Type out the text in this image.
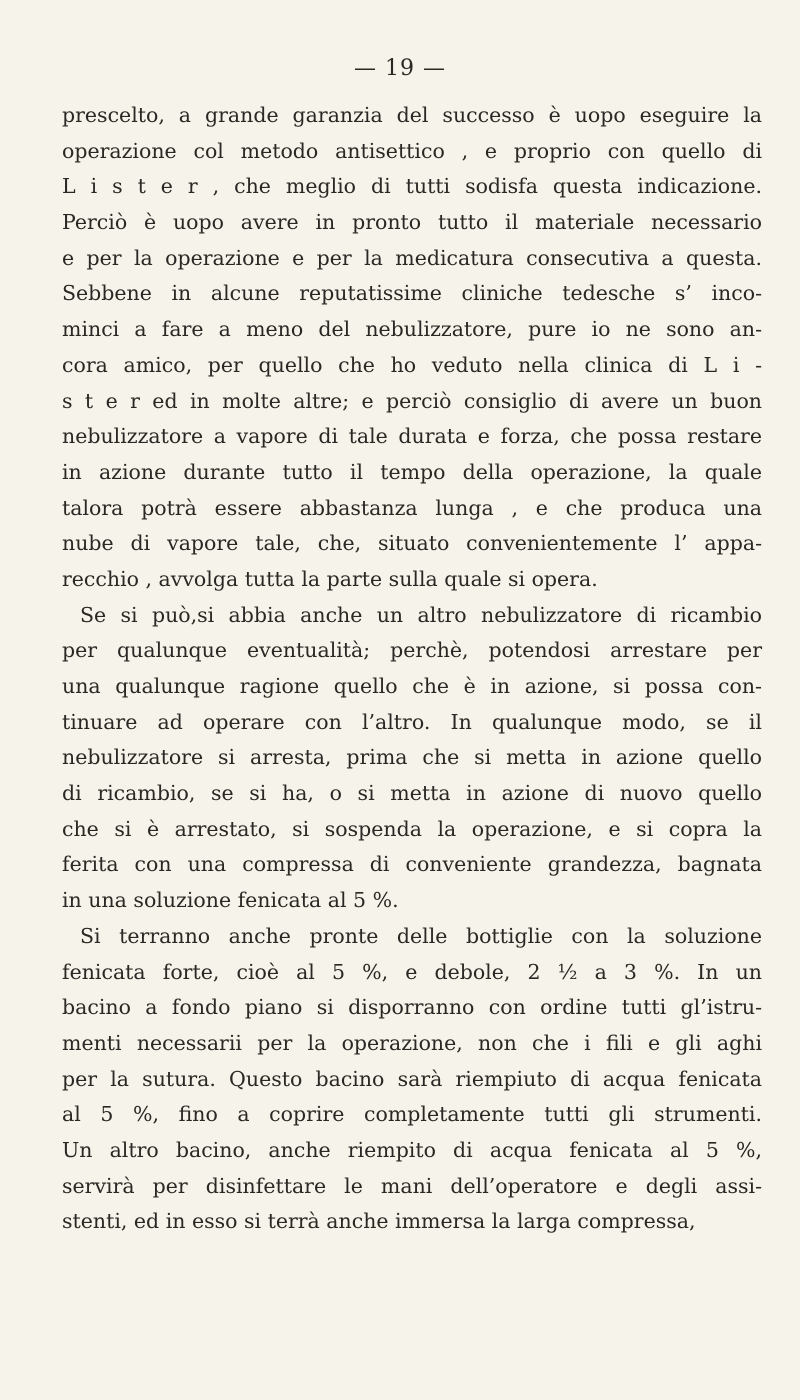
— 19 —
prescelto, a grande garanzia del successo è uopo eseguire la
operazione col metodo antisettico , e proprio con quello di
L i s t e r , che meglio di tutti sodisfa questa indicazione.
Perciò è uopo avere in pronto tutto il materiale necessario
e per la operazione e per la medicatura consecutiva a questa.
Sebbene in alcune reputatissime cliniche tedesche s’ inco-
minci a fare a meno del nebulizzatore, pure io ne sono an-
cora amico, per quello che ho veduto nella clinica di L i -
s t e r ed in molte altre; e perciò consiglio di avere un buon
nebulizzatore a vapore di tale durata e forza, che possa restare
in azione durante tutto il tempo della operazione, la quale
talora potrà essere abbastanza lunga , e che produca una
nube di vapore tale, che, situato convenientemente l’ appa-
recchio , avvolga tutta la parte sulla quale si opera.
Se si può,si abbia anche un altro nebulizzatore di ricambio
per qualunque eventualità; perchè, potendosi arrestare per
una qualunque ragione quello che è in azione, si possa con-
tinuare ad operare con l’altro. In qualunque modo, se il
nebulizzatore si arresta, prima che si metta in azione quello
di ricambio, se si ha, o si metta in azione di nuovo quello
che si è arrestato, si sospenda la operazione, e si copra la
ferita con una compressa di conveniente grandezza, bagnata
in una soluzione fenicata al 5 %.
Si terranno anche pronte delle bottiglie con la soluzione
fenicata forte, cioè al 5 %, e debole, 2 ½ a 3 %. In un
bacino a fondo piano si disporranno con ordine tutti gl’istru-
menti necessarii per la operazione, non che i fili e gli aghi
per la sutura. Questo bacino sarà riempiuto di acqua fenicata
al 5 %, fino a coprire completamente tutti gli strumenti.
Un altro bacino, anche riempito di acqua fenicata al 5 %,
servirà per disinfettare le mani dell’operatore e degli assi-
stenti, ed in esso si terrà anche immersa la larga compressa,
